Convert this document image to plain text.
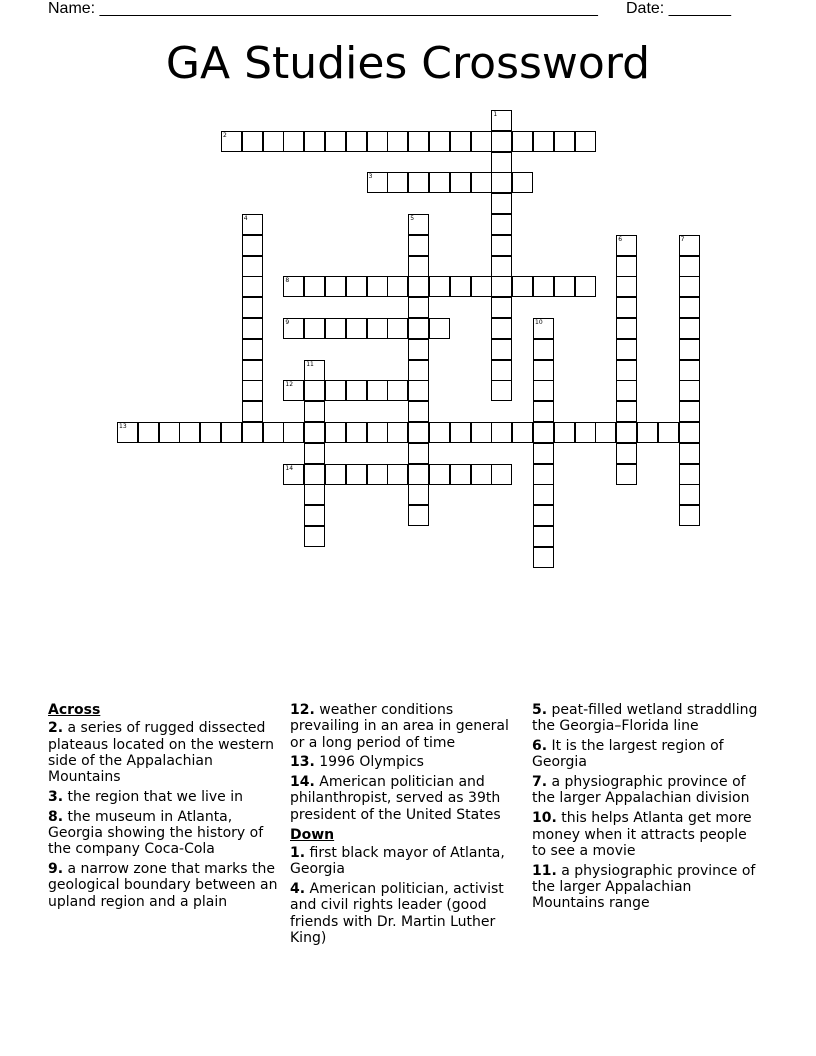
Name: ________________________________________________________ Date: _______
GA Studies Crossword
1
2
3
4	5
6	7
8
9	10
11
12
13
14

Across

2. a series of rugged dissected plateaus located on the western side of the Appalachian Mountains

3. the region that we live in

8. the museum in Atlanta, Georgia showing the history of the company Coca-Cola

9. a narrow zone that marks the geological boundary between an upland region and a plain

12. weather conditions prevailing in an area in general or a long period of time

13. 1996 Olympics

14. American politician and philanthropist, served as 39th president of the United States

Down

1. first black mayor of Atlanta, Georgia

4. American politician, activist and civil rights leader (good friends with Dr. Martin Luther King)

5. peat-filled wetland straddling the Georgia–Florida line

6. It is the largest region of Georgia

7. a physiographic province of the larger Appalachian division

10. this helps Atlanta get more money when it attracts people to see a movie

11. a physiographic province of the larger Appalachian Mountains range
